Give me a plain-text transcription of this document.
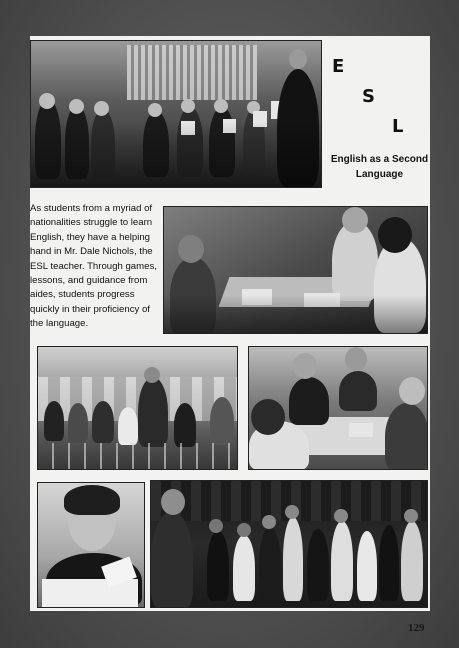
E
S
L
English as a Second
Language
As students from a myriad of
nationalities struggle to learn
English, they have a helping
hand in Mr. Dale Nichols, the
ESL teacher. Through games,
lessons, and guidance from
aides, students progress
quickly in their proficiency of
the language.
129
